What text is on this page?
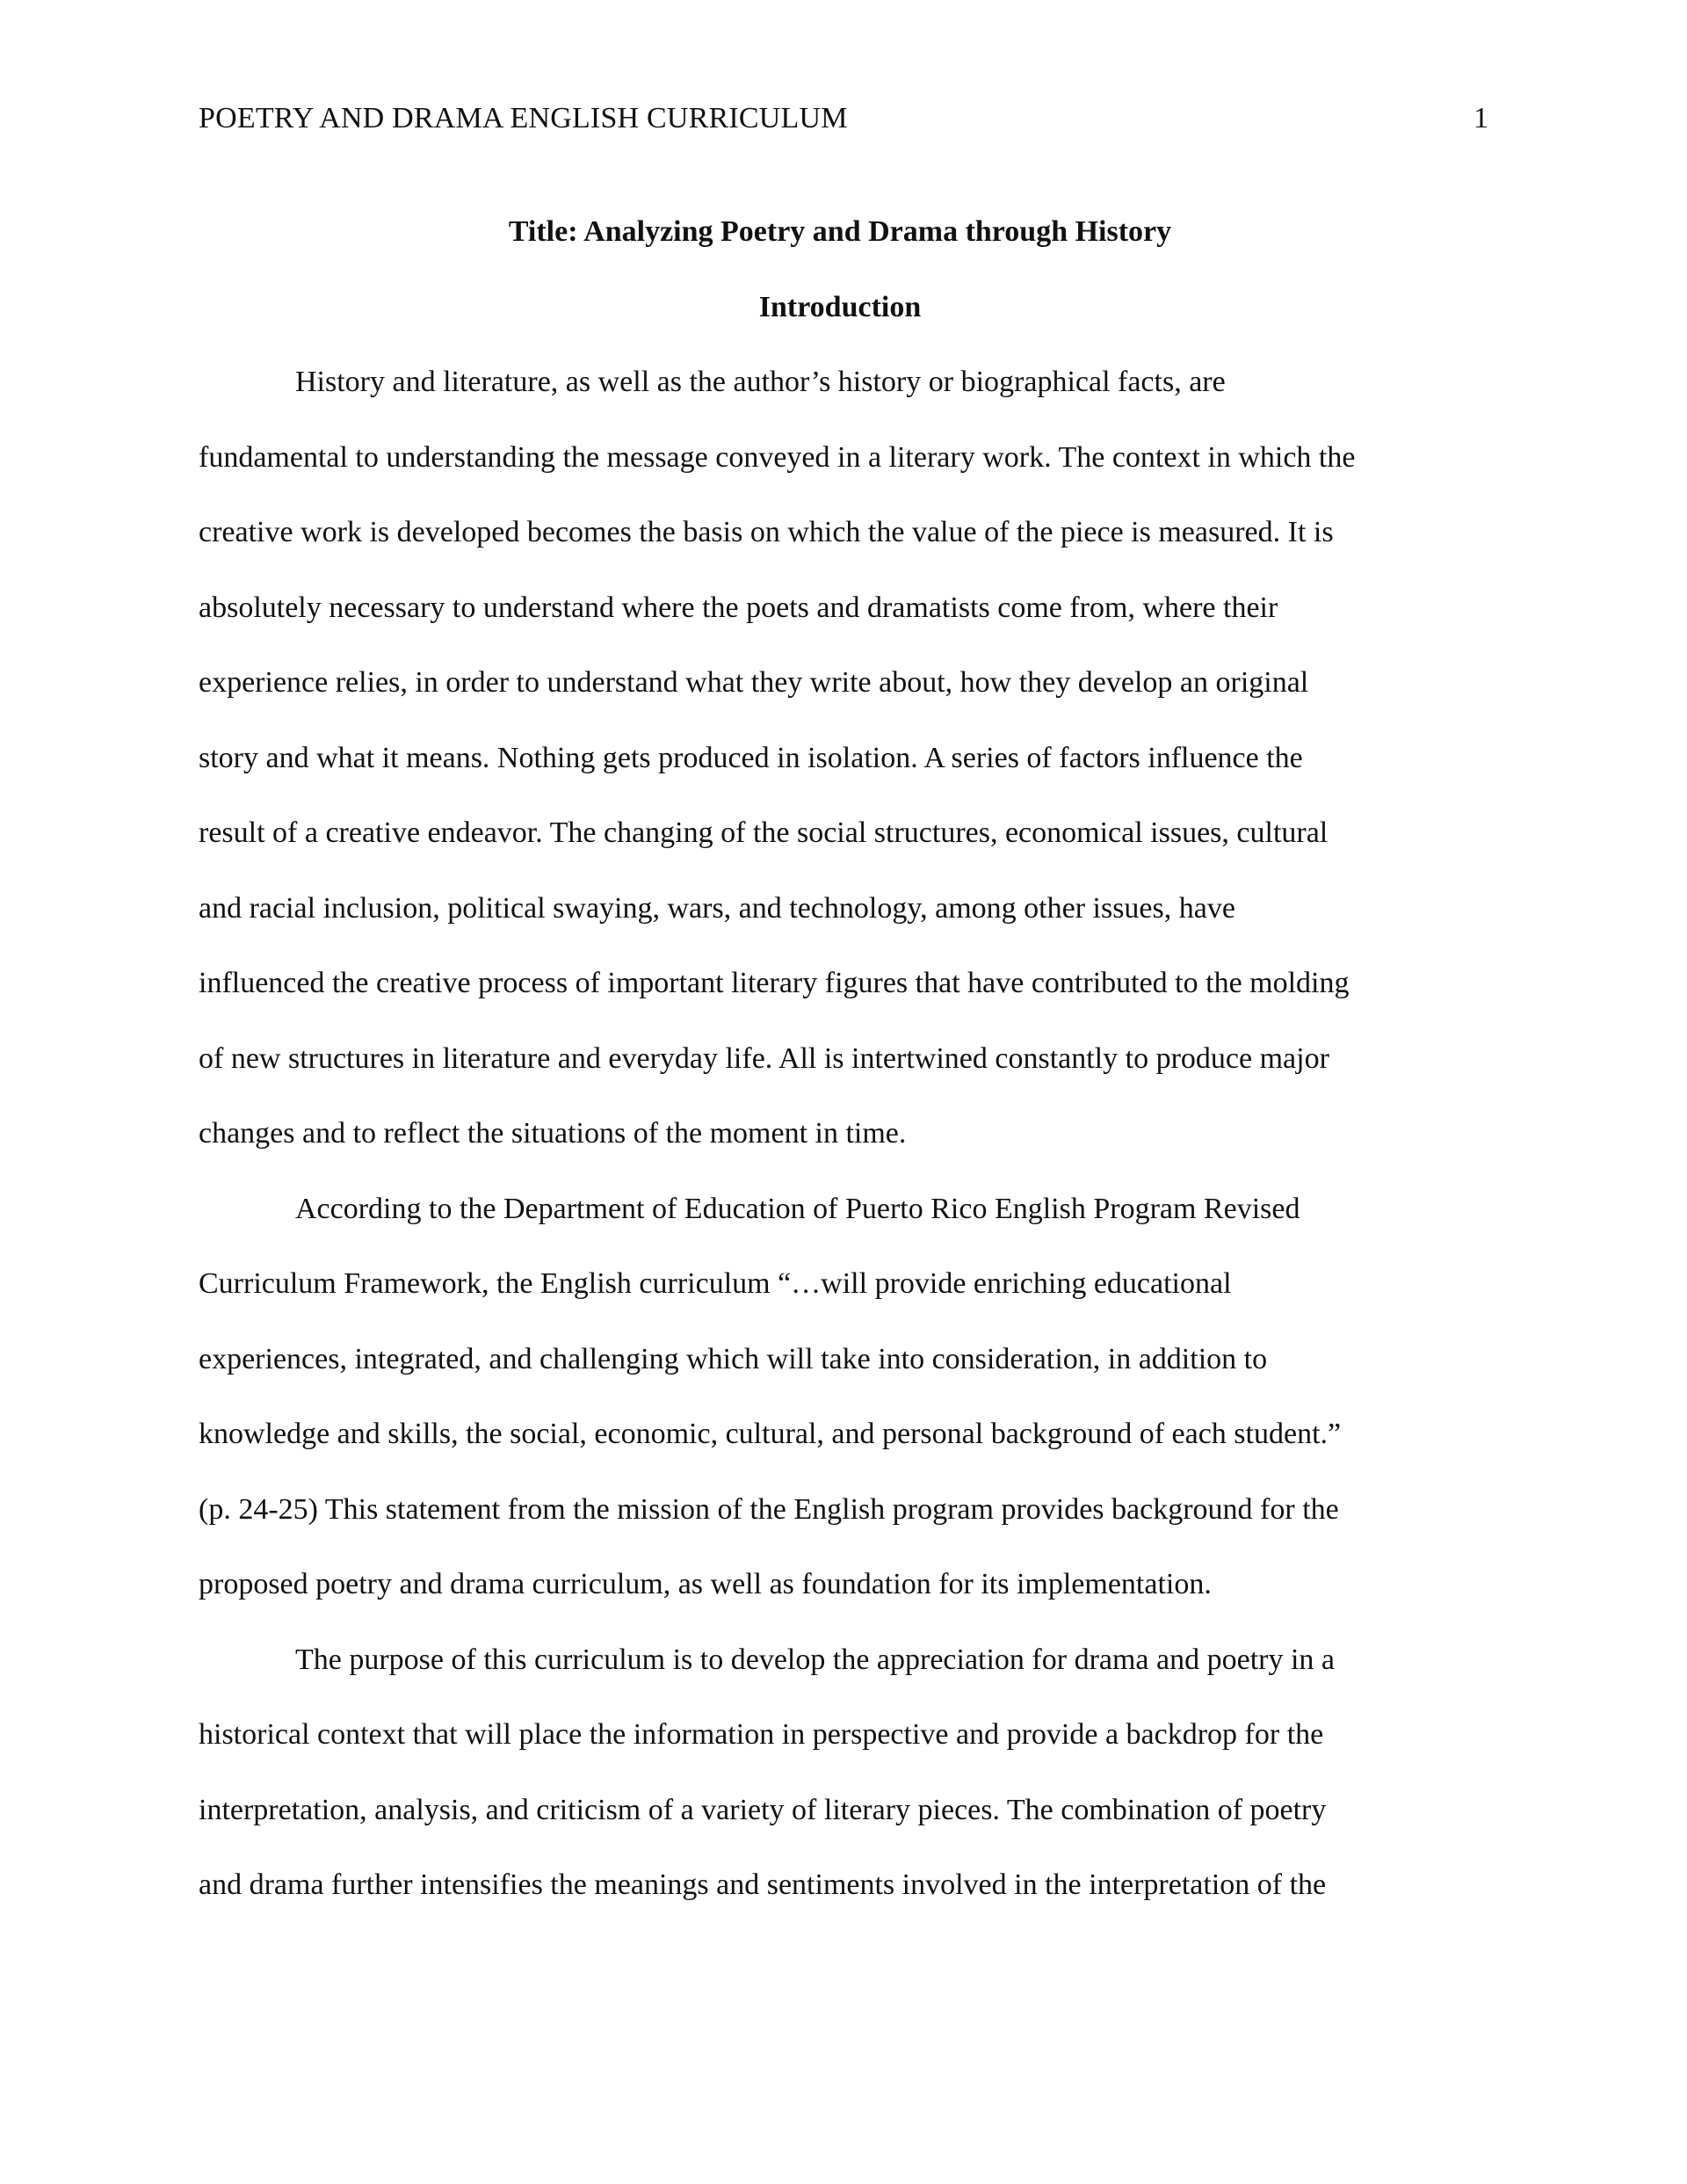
POETRY AND DRAMA ENGLISH CURRICULUM	1
Title: Analyzing Poetry and Drama through History
Introduction
History and literature, as well as the author’s history or biographical facts, are
fundamental to understanding the message conveyed in a literary work. The context in which the
creative work is developed becomes the basis on which the value of the piece is measured. It is
absolutely necessary to understand where the poets and dramatists come from, where their
experience relies, in order to understand what they write about, how they develop an original
story and what it means. Nothing gets produced in isolation. A series of factors influence the
result of a creative endeavor. The changing of the social structures, economical issues, cultural
and racial inclusion, political swaying, wars, and technology, among other issues, have
influenced the creative process of important literary figures that have contributed to the molding
of new structures in literature and everyday life. All is intertwined constantly to produce major
changes and to reflect the situations of the moment in time.
According to the Department of Education of Puerto Rico English Program Revised
Curriculum Framework, the English curriculum “…will provide enriching educational
experiences, integrated, and challenging which will take into consideration, in addition to
knowledge and skills, the social, economic, cultural, and personal background of each student.”
(p. 24-25) This statement from the mission of the English program provides background for the
proposed poetry and drama curriculum, as well as foundation for its implementation.
The purpose of this curriculum is to develop the appreciation for drama and poetry in a
historical context that will place the information in perspective and provide a backdrop for the
interpretation, analysis, and criticism of a variety of literary pieces. The combination of poetry
and drama further intensifies the meanings and sentiments involved in the interpretation of the
